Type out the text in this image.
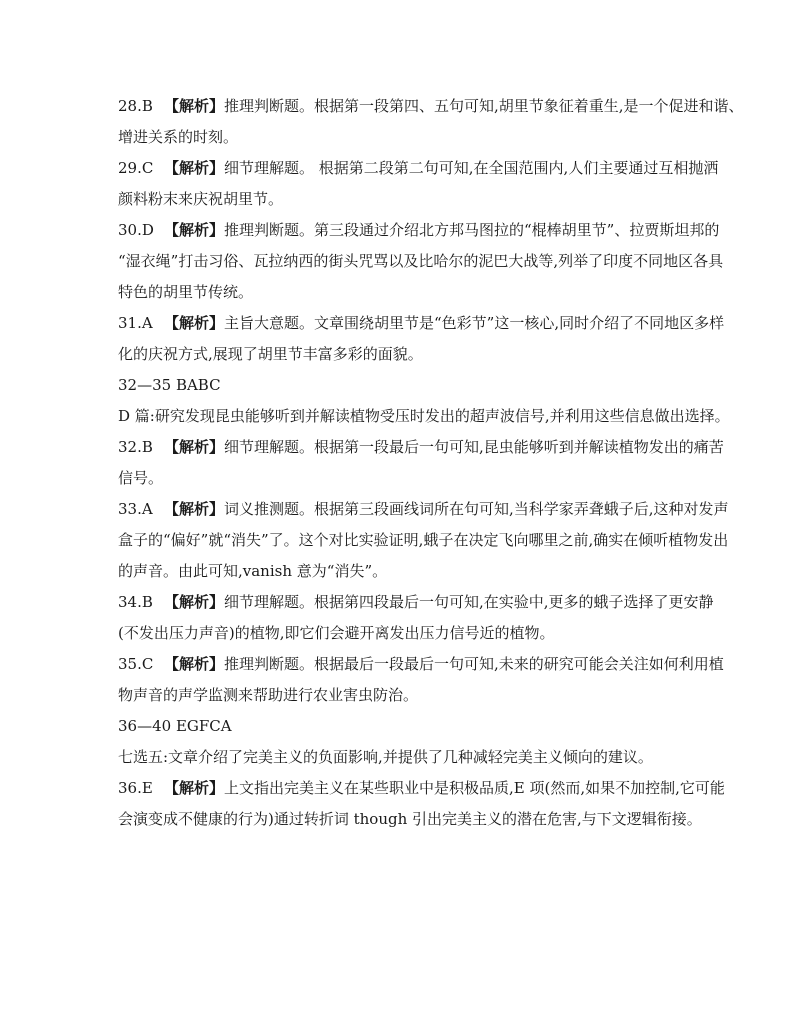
28.B 【解析】推理判断题。根据第一段第四、五句可知,胡里节象征着重生,是一个促进和谐、
增进关系的时刻。
29.C 【解析】细节理解题。 根据第二段第二句可知,在全国范围内,人们主要通过互相抛洒
颜料粉末来庆祝胡里节。
30.D 【解析】推理判断题。第三段通过介绍北方邦马图拉的“棍棒胡里节”、拉贾斯坦邦的
“湿衣绳”打击习俗、瓦拉纳西的街头咒骂以及比哈尔的泥巴大战等,列举了印度不同地区各具
特色的胡里节传统。
31.A 【解析】主旨大意题。文章围绕胡里节是“色彩节”这一核心,同时介绍了不同地区多样
化的庆祝方式,展现了胡里节丰富多彩的面貌。
32—35 BABC
D 篇:研究发现昆虫能够听到并解读植物受压时发出的超声波信号,并利用这些信息做出选择。
32.B 【解析】细节理解题。根据第一段最后一句可知,昆虫能够听到并解读植物发出的痛苦
信号。
33.A 【解析】词义推测题。根据第三段画线词所在句可知,当科学家弄聋蛾子后,这种对发声
盒子的“偏好”就“消失”了。这个对比实验证明,蛾子在决定飞向哪里之前,确实在倾听植物发出
的声音。由此可知,vanish 意为“消失”。
34.B 【解析】细节理解题。根据第四段最后一句可知,在实验中,更多的蛾子选择了更安静
(不发出压力声音)的植物,即它们会避开离发出压力信号近的植物。
35.C 【解析】推理判断题。根据最后一段最后一句可知,未来的研究可能会关注如何利用植
物声音的声学监测来帮助进行农业害虫防治。
36—40 EGFCA
七选五:文章介绍了完美主义的负面影响,并提供了几种减轻完美主义倾向的建议。
36.E 【解析】上文指出完美主义在某些职业中是积极品质,E 项(然而,如果不加控制,它可能
会演变成不健康的行为)通过转折词 though 引出完美主义的潜在危害,与下文逻辑衔接。
